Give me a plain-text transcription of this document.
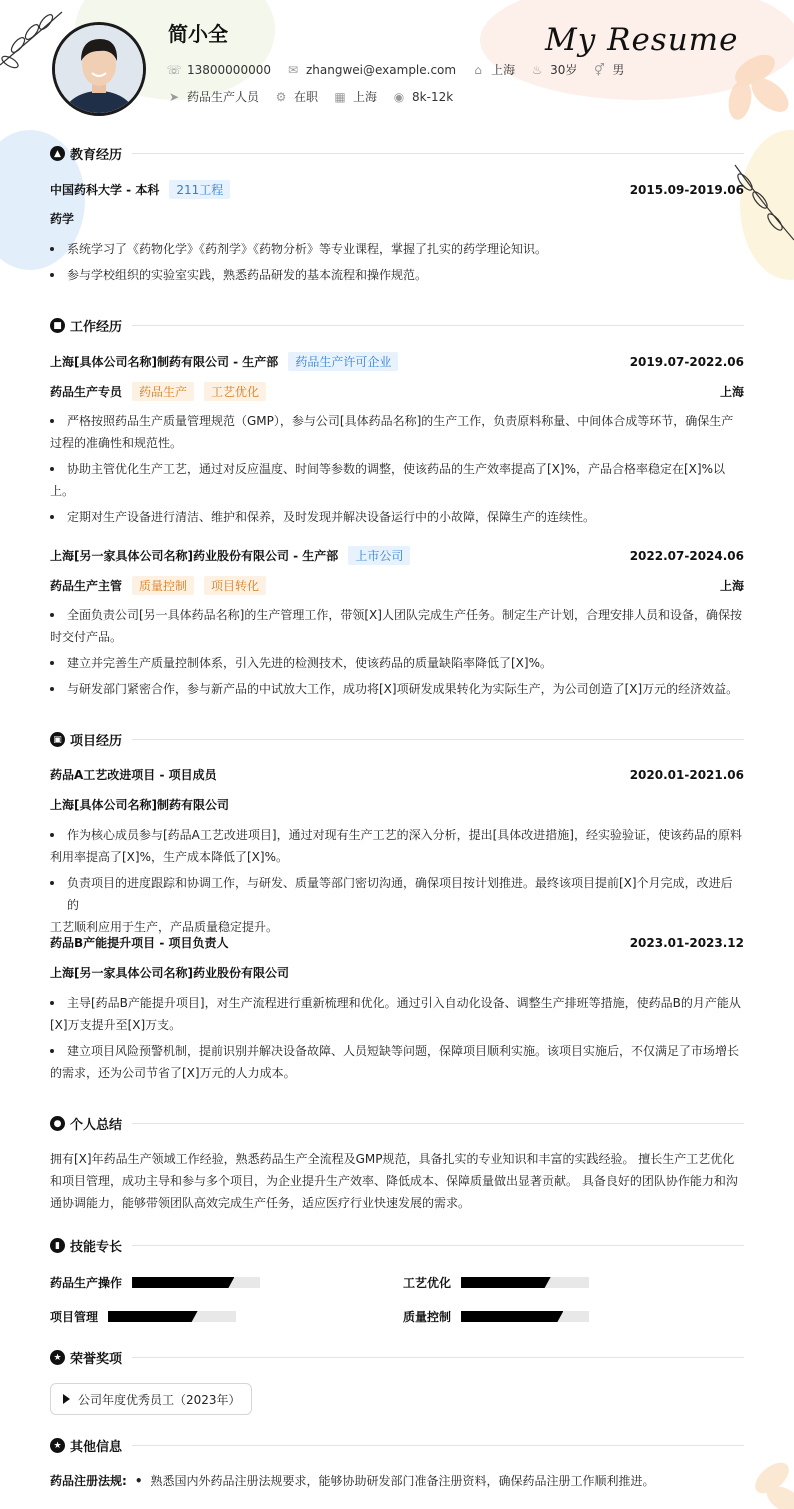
简小全	My Resume
☏ 13800000000 ✉ zhangwei@example.com ⌂ 上海 ♨ 30岁 ⚥ 男
➤ 药品生产人员 ⚙ 在职 ▦ 上海 ◉ 8k-12k
▲ 教育经历
中国药科大学 - 本科	211工程	2015.09-2019.06
药学
系统学习了《药物化学》《药剂学》《药物分析》等专业课程，掌握了扎实的药学理论知识。
参与学校组织的实验室实践，熟悉药品研发的基本流程和操作规范。
■ 工作经历
上海[具体公司名称]制药有限公司 - 生产部	药品生产许可企业	2019.07-2022.06
药品生产专员	药品生产	工艺优化	上海
严格按照药品生产质量管理规范（GMP），参与公司[具体药品名称]的生产工作，负责原料称量、中间体合成等环节，确保生产
过程的准确性和规范性。
协助主管优化生产工艺，通过对反应温度、时间等参数的调整，使该药品的生产效率提高了[X]%，产品合格率稳定在[X]%以
上。
定期对生产设备进行清洁、维护和保养，及时发现并解决设备运行中的小故障，保障生产的连续性。
上海[另一家具体公司名称]药业股份有限公司 - 生产部	上市公司	2022.07-2024.06
药品生产主管	质量控制	项目转化	上海
全面负责公司[另一具体药品名称]的生产管理工作，带领[X]人团队完成生产任务。制定生产计划，合理安排人员和设备，确保按
时交付产品。
建立并完善生产质量控制体系，引入先进的检测技术，使该药品的质量缺陷率降低了[X]%。
与研发部门紧密合作，参与新产品的中试放大工作，成功将[X]项研发成果转化为实际生产，为公司创造了[X]万元的经济效益。
▣ 项目经历
药品A工艺改进项目 - 项目成员	2020.01-2021.06
上海[具体公司名称]制药有限公司
作为核心成员参与[药品A工艺改进项目]，通过对现有生产工艺的深入分析，提出[具体改进措施]，经实验验证，使该药品的原料
利用率提高了[X]%，生产成本降低了[X]%。
负责项目的进度跟踪和协调工作，与研发、质量等部门密切沟通，确保项目按计划推进。最终该项目提前[X]个月完成，改进后的
工艺顺利应用于生产，产品质量稳定提升。
药品B产能提升项目 - 项目负责人	2023.01-2023.12
上海[另一家具体公司名称]药业股份有限公司
主导[药品B产能提升项目]，对生产流程进行重新梳理和优化。通过引入自动化设备、调整生产排班等措施，使药品B的月产能从
[X]万支提升至[X]万支。
建立项目风险预警机制，提前识别并解决设备故障、人员短缺等问题，保障项目顺利实施。该项目实施后，不仅满足了市场增长
的需求，还为公司节省了[X]万元的人力成本。
● 个人总结
拥有[X]年药品生产领域工作经验，熟悉药品生产全流程及GMP规范，具备扎实的专业知识和丰富的实践经验。 擅长生产工艺优化
和项目管理，成功主导和参与多个项目，为企业提升生产效率、降低成本、保障质量做出显著贡献。 具备良好的团队协作能力和沟
通协调能力，能够带领团队高效完成生产任务，适应医疗行业快速发展的需求。
▮ 技能专长
药品生产操作	工艺优化
项目管理	质量控制
★ 荣誉奖项
公司年度优秀员工（2023年）
★ 其他信息
药品注册法规: • 熟悉国内外药品注册法规要求，能够协助研发部门准备注册资料，确保药品注册工作顺利推进。
